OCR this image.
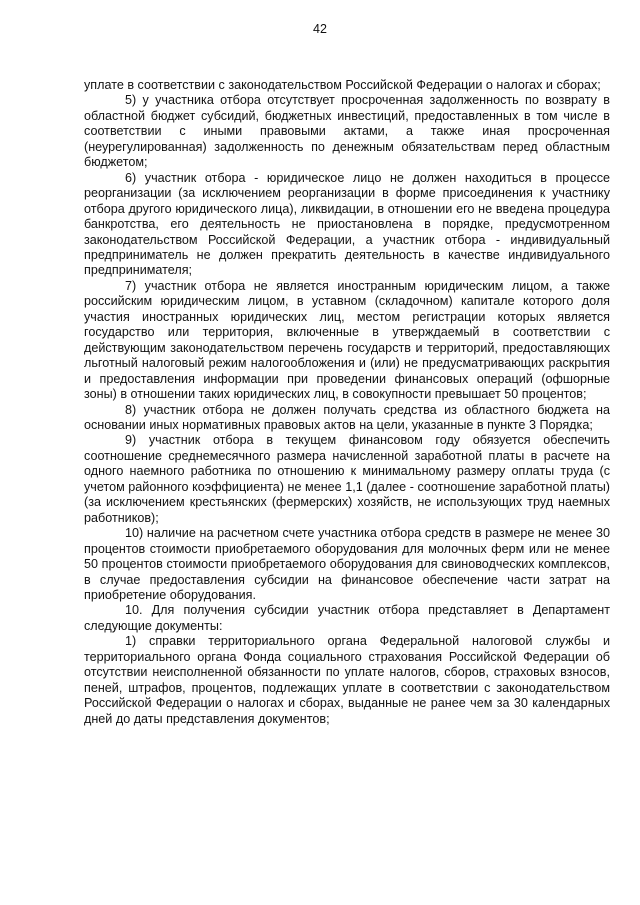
42

уплате в соответствии с законодательством Российской Федерации о налогах и сборах;

5) у участника отбора отсутствует просроченная задолженность по возврату в областной бюджет субсидий, бюджетных инвестиций, предоставленных в том числе в соответствии с иными правовыми актами, а также иная просроченная (неурегулированная) задолженность по денежным обязательствам перед областным бюджетом;

6) участник отбора - юридическое лицо не должен находиться в процессе реорганизации (за исключением реорганизации в форме присоединения к участнику отбора другого юридического лица), ликвидации, в отношении его не введена процедура банкротства, его деятельность не приостановлена в порядке, предусмотренном законодательством Российской Федерации, а участник отбора - индивидуальный предприниматель не должен прекратить деятельность в качестве индивидуального предпринимателя;

7) участник отбора не является иностранным юридическим лицом, а также российским юридическим лицом, в уставном (складочном) капитале которого доля участия иностранных юридических лиц, местом регистрации которых является государство или территория, включенные в утверждаемый в соответствии с действующим законодательством перечень государств и территорий, предоставляющих льготный налоговый режим налогообложения и (или) не предусматривающих раскрытия и предоставления информации при проведении финансовых операций (офшорные зоны) в отношении таких юридических лиц, в совокупности превышает 50 процентов;

8) участник отбора не должен получать средства из областного бюджета на основании иных нормативных правовых актов на цели, указанные в пункте 3 Порядка;

9) участник отбора в текущем финансовом году обязуется обеспечить соотношение среднемесячного размера начисленной заработной платы в расчете на одного наемного работника по отношению к минимальному размеру оплаты труда (с учетом районного коэффициента) не менее 1,1 (далее - соотношение заработной платы) (за исключением крестьянских (фермерских) хозяйств, не использующих труд наемных работников);

10) наличие на расчетном счете участника отбора средств в размере не менее 30 процентов стоимости приобретаемого оборудования для молочных ферм или не менее 50 процентов стоимости приобретаемого оборудования для свиноводческих комплексов, в случае предоставления субсидии на финансовое обеспечение части затрат на приобретение оборудования.

10. Для получения субсидии участник отбора представляет в Департамент следующие документы:

1) справки территориального органа Федеральной налоговой службы и территориального органа Фонда социального страхования Российской Федерации об отсутствии неисполненной обязанности по уплате налогов, сборов, страховых взносов, пеней, штрафов, процентов, подлежащих уплате в соответствии с законодательством Российской Федерации о налогах и сборах, выданные не ранее чем за 30 календарных дней до даты представления документов;
